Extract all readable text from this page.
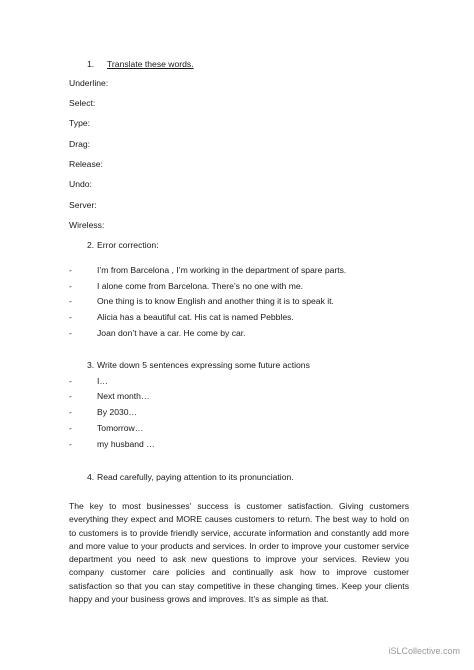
1. Translate these words.
Underline:
Select:
Type:
Drag:
Release:
Undo:
Server:
Wireless:
2. Error correction:
-	I’m from Barcelona , I’m working in the department of spare parts.
-	I alone come from Barcelona. There’s no one with me.
-	One thing is to know English and another thing it is to speak it.
-	Alicia has a beautiful cat. His cat is named Pebbles.
-	Joan don’t have a car. He come by car.
3. Write down 5 sentences expressing some future actions
-	I…
-	Next month…
-	By 2030…
-	Tomorrow…
-	my husband …
4. Read carefully, paying attention to its pronunciation.
The key to most businesses' success is customer satisfaction. Giving customers everything they expect and MORE causes customers to return. The best way to hold on to customers is to provide friendly service, accurate information and constantly add more and more value to your products and services. In order to improve your customer service department you need to ask new questions to improve your services. Review you company customer care policies and continually ask how to improve customer satisfaction so that you can stay competitive in these changing times. Keep your clients happy and your business grows and improves. It’s as simple as that.
iSLCollective.com
